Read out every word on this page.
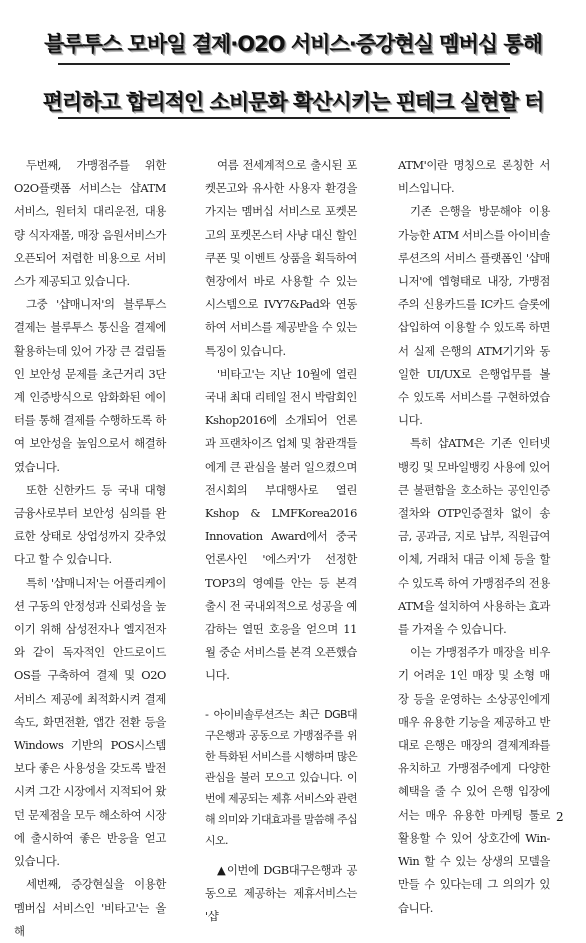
블루투스 모바일 결제·O2O 서비스·증강현실 멤버십 통해
편리하고 합리적인 소비문화 확산시키는 핀테크 실현할 터

두번째, 가맹점주를 위한 O2O플랫폼 서비스는 샵ATM서비스, 원터치 대리운전, 대용량 식자재몰, 매장 음원서비스가 오픈되어 저렴한 비용으로 서비스가 제공되고 있습니다.

그중 '샵매니저'의 블루투스 결제는 블루투스 통신을 결제에 활용하는데 있어 가장 큰 걸림돌인 보안성 문제를 초근거리 3단계 인증방식으로 암화화된 에이터를 통해 결제를 수행하도록 하여 보안성을 높임으로서 해결하였습니다.

또한 신한카드 등 국내 대형 금융사로부터 보안성 심의를 완료한 상태로 상업성까지 갖추었다고 할 수 있습니다.

특히 '샵매니저'는 어플리케이션 구동의 안정성과 신뢰성을 높이기 위해 삼성전자나 엘지전자와 같이 독자적인 안드로이드 OS를 구축하여 결제 및 O2O 서비스 제공에 최적화시켜 결제 속도, 화면전환, 앱간 전환 등을 Windows 기반의 POS시스템 보다 좋은 사용성을 갖도록 발전시켜 그간 시장에서 지적되어 왔던 문제점을 모두 해소하여 시장에 출시하여 좋은 반응을 얻고 있습니다.

세번째, 증강현실을 이용한 멤버십 서비스인 '비타고'는 올해

여름 전세계적으로 출시된 포켓몬고와 유사한 사용자 환경을 가지는 멤버십 서비스로 포켓몬고의 포켓몬스터 사냥 대신 할인 쿠폰 및 이벤트 상품을 획득하여 현장에서 바로 사용할 수 있는 시스템으로 IVY7&Pad와 연동하여 서비스를 제공받을 수 있는 특징이 있습니다.

'비타고'는 지난 10월에 열린 국내 최대 리테일 전시 박람회인 Kshop2016에 소개되어 언론과 프랜차이즈 업체 및 참관객들에게 큰 관심을 불러 일으켰으며 전시회의 부대행사로 열린 Kshop & LMFKorea2016 Innovation Award에서 중국 언론사인 '에스커'가 선정한 TOP3의 영예를 안는 등 본격 출시 전 국내외적으로 성공을 예감하는 열띤 호응을 얻으며 11월 중순 서비스를 본격 오픈했습니다.

- 아이비솔루션즈는 최근 DGB대구은행과 공동으로 가맹점주를 위한 특화된 서비스를 시행하며 많은 관심을 불러 모으고 있습니다. 이번에 제공되는 제휴 서비스와 관련해 의미와 기대효과를 말씀해 주십시오.

▲이번에 DGB대구은행과 공동으로 제공하는 제휴서비스는 '샵

ATM'이란 명칭으로 론칭한 서비스입니다.

기존 은행을 방문해야 이용 가능한 ATM 서비스를 아이비솔루션즈의 서비스 플랫폼인 '샵매니저'에 엡형태로 내장, 가맹점주의 신용카드를 IC카드 슬롯에 삽입하여 이용할 수 있도록 하면서 실제 은행의 ATM기기와 동일한 UI/UX로 은행업무를 볼 수 있도록 서비스를 구현하였습니다.

특히 샵ATM은 기존 인터넷뱅킹 및 모바일뱅킹 사용에 있어 큰 불편함을 호소하는 공인인증절차와 OTP인증절차 없이 송금, 공과금, 지로 납부, 직원급여 이체, 거래처 대금 이체 등을 할 수 있도록 하여 가맹점주의 전용 ATM을 설치하여 사용하는 효과를 가져올 수 있습니다.

이는 가맹점주가 매장을 비우기 어려운 1인 매장 및 소형 매장 등을 운영하는 소상공인에게 매우 유용한 기능을 제공하고 반대로 은행은 매장의 결제계좌를 유치하고 가맹점주에게 다양한 혜택을 줄 수 있어 은행 입장에서는 매우 유용한 마케팅 툴로 활용할 수 있어 상호간에 Win-Win 할 수 있는 상생의 모델을 만들 수 있다는데 그 의의가 있습니다.

2
